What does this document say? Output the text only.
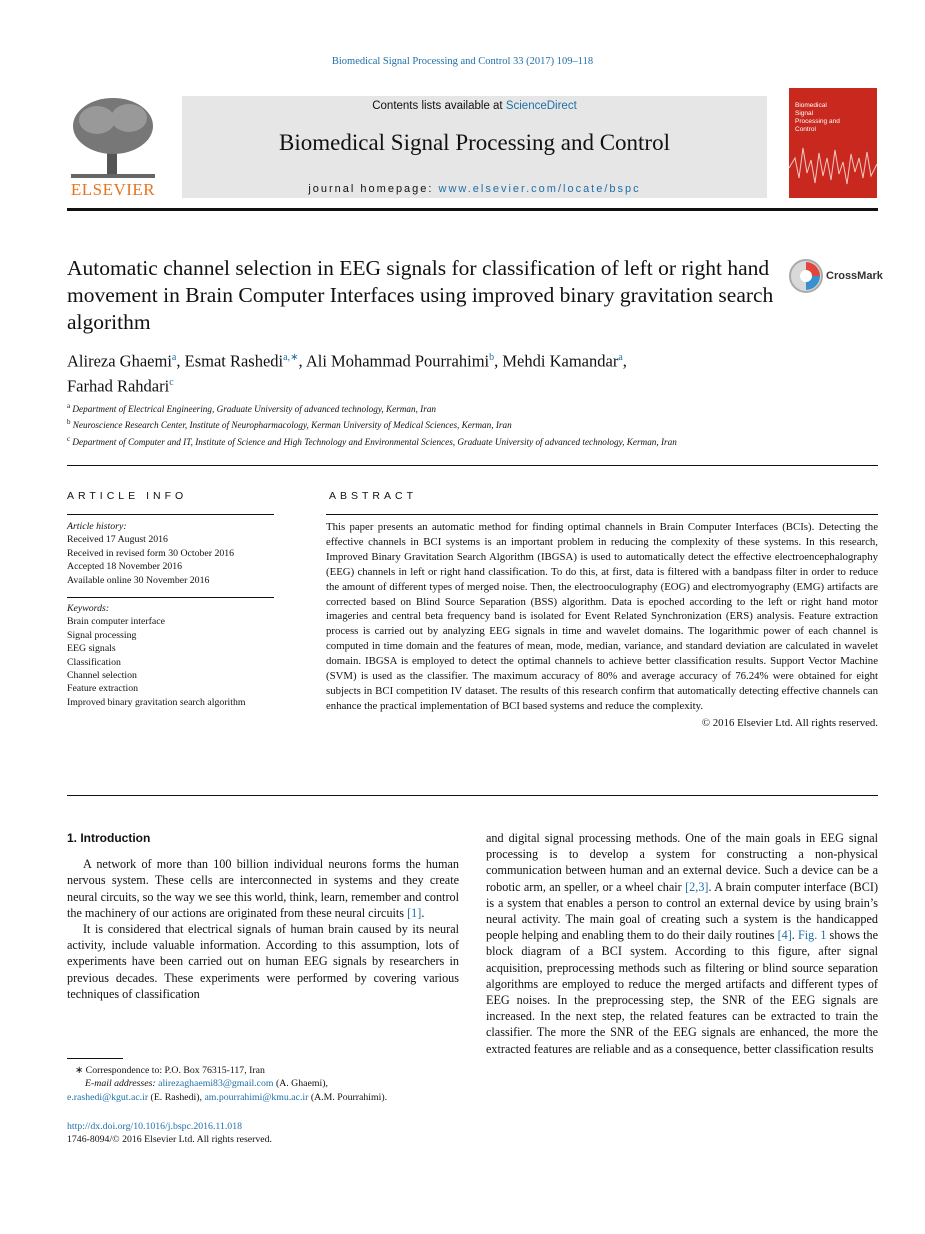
Biomedical Signal Processing and Control 33 (2017) 109–118
ELSEVIER
Contents lists available at ScienceDirect
Biomedical Signal Processing and Control
journal homepage: www.elsevier.com/locate/bspc
Biomedical Signal Processing and Control
Automatic channel selection in EEG signals for classification of left or right hand movement in Brain Computer Interfaces using improved binary gravitation search algorithm
CrossMark
Alireza Ghaemi$^a$, Esmat Rashedi$^{a,∗}$, Ali Mohammad Pourrahimi$^b$, Mehdi Kamandar$^a$,
Farhad Rahdari$^c$
$^a$ Department of Electrical Engineering, Graduate University of advanced technology, Kerman, Iran
$^b$ Neuroscience Research Center, Institute of Neuropharmacology, Kerman University of Medical Sciences, Kerman, Iran
$^c$ Department of Computer and IT, Institute of Science and High Technology and Environmental Sciences, Graduate University of advanced technology, Kerman, Iran
ARTICLE INFO	ABSTRACT
Article history:
Received 17 August 2016
Received in revised form 30 October 2016
Accepted 18 November 2016
Available online 30 November 2016
Keywords:
Brain computer interface
Signal processing
EEG signals
Classification
Channel selection
Feature extraction
Improved binary gravitation search algorithm
This paper presents an automatic method for finding optimal channels in Brain Computer Interfaces (BCIs). Detecting the effective channels in BCI systems is an important problem in reducing the complexity of these systems. In this research, Improved Binary Gravitation Search Algorithm (IBGSA) is used to automatically detect the effective electroencephalography (EEG) channels in left or right hand classification. To do this, at first, data is filtered with a bandpass filter in order to reduce the amount of different types of merged noise. Then, the electrooculography (EOG) and electromyography (EMG) artifacts are corrected based on Blind Source Separation (BSS) algorithm. Data is epoched according to the left or right hand motor imageries and central beta frequency band is isolated for Event Related Synchronization (ERS) analysis. Feature extraction process is carried out by analyzing EEG signals in time and wavelet domains. The logarithmic power of each channel is computed in time domain and the features of mean, mode, median, variance, and standard deviation are calculated in wavelet domain. IBGSA is employed to detect the optimal channels to achieve better classification results. Support Vector Machine (SVM) is used as the classifier. The maximum accuracy of 80% and average accuracy of 76.24% were obtained for eight subjects in BCI competition IV dataset. The results of this research confirm that automatically detecting effective channels can enhance the practical implementation of BCI based systems and reduce the complexity.
© 2016 Elsevier Ltd. All rights reserved.
1. Introduction

A network of more than 100 billion individual neurons forms the human nervous system. These cells are interconnected in systems and they create neural circuits, so the way we see this world, think, learn, remember and control the machinery of our actions are originated from these neural circuits [1].

It is considered that electrical signals of human brain caused by its neural activity, include valuable information. According to this assumption, lots of experiments have been carried out on human EEG signals by researchers in previous decades. These experiments were performed by covering various techniques of classification

and digital signal processing methods. One of the main goals in EEG signal processing is to develop a system for constructing a non-physical communication between human and an external device. Such a device can be a robotic arm, an speller, or a wheel chair [2,3]. A brain computer interface (BCI) is a system that enables a person to control an external device by using brain’s neural activity. The main goal of creating such a system is the handicapped people helping and enabling them to do their daily routines [4]. Fig. 1 shows the block diagram of a BCI system. According to this figure, after signal acquisition, preprocessing methods such as filtering or blind source separation algorithms are employed to reduce the merged artifacts and different types of EEG noises. In the preprocessing step, the SNR of the EEG signals are increased. In the next step, the related features can be extracted to train the classifier. The more the SNR of the EEG signals are enhanced, the more the extracted features are reliable and as a consequence, better classification results

∗ Correspondence to: P.O. Box 76315-117, Iran
E-mail addresses: alirezaghaemi83@gmail.com (A. Ghaemi),
e.rashedi@kgut.ac.ir (E. Rashedi), am.pourrahimi@kmu.ac.ir (A.M. Pourrahimi).
http://dx.doi.org/10.1016/j.bspc.2016.11.018
1746-8094/© 2016 Elsevier Ltd. All rights reserved.
